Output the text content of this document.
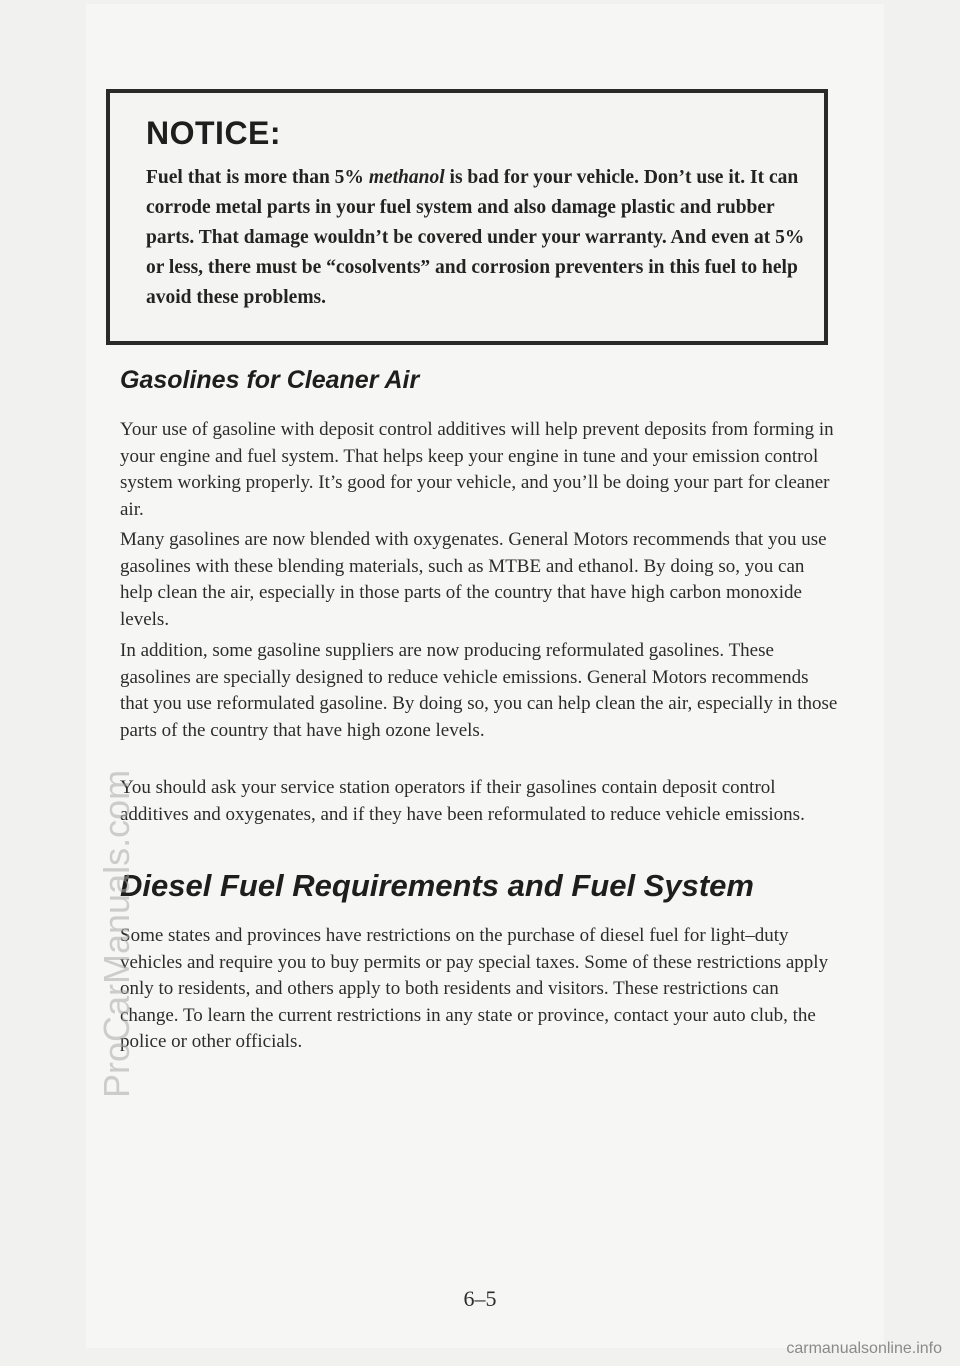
NOTICE:
Fuel that is more than 5% methanol is bad for your vehicle. Don’t use it. It can corrode metal parts in your fuel system and also damage plastic and rubber parts. That damage wouldn’t be covered under your warranty. And even at 5% or less, there must be “cosolvents” and corrosion preventers in this fuel to help avoid these problems.
Gasolines for Cleaner Air
Your use of gasoline with deposit control additives will help prevent deposits from forming in your engine and fuel system. That helps keep your engine in tune and your emission control system working properly. It’s good for your vehicle, and you’ll be doing your part for cleaner air.
Many gasolines are now blended with oxygenates. General Motors recommends that you use gasolines with these blending materials, such as MTBE and ethanol. By doing so, you can help clean the air, especially in those parts of the country that have high carbon monoxide levels.
In addition, some gasoline suppliers are now producing reformulated gasolines. These gasolines are specially designed to reduce vehicle emissions. General Motors recommends that you use reformulated gasoline. By doing so, you can help clean the air, especially in those parts of the country that have high ozone levels.
You should ask your service station operators if their gasolines contain deposit control additives and oxygenates, and if they have been reformulated to reduce vehicle emissions.
Diesel Fuel Requirements and Fuel System
Some states and provinces have restrictions on the purchase of diesel fuel for light–duty vehicles and require you to buy permits or pay special taxes. Some of these restrictions apply only to residents, and others apply to both residents and visitors. These restrictions can change. To learn the current restrictions in any state or province, contact your auto club, the police or other officials.
6–5
ProCarManuals.com
carmanualsonline.info
